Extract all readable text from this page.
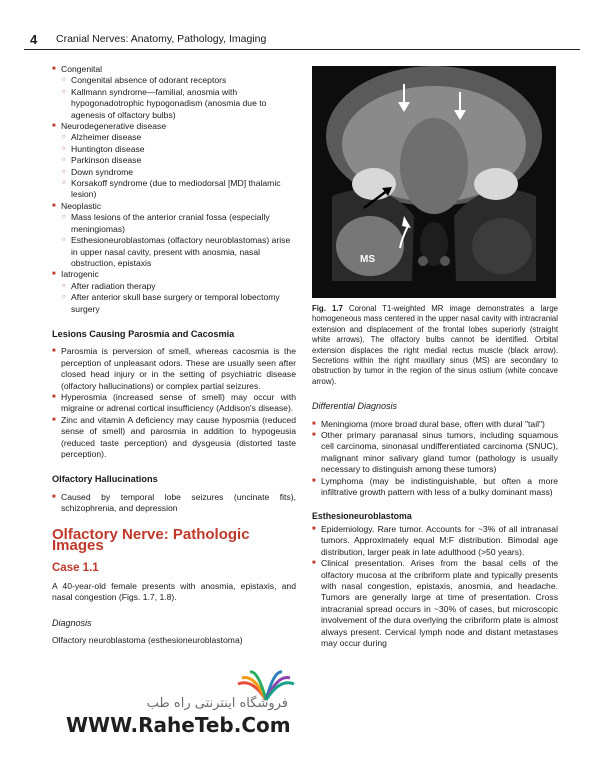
4 Cranial Nerves: Anatomy, Pathology, Imaging
■ Congenital
○ Congenital absence of odorant receptors
○ Kallmann syndrome—familial, anosmia with hypogonadotrophic hypogonadism (anosmia due to agenesis of olfactory bulbs)
■ Neurodegenerative disease
○ Alzheimer disease
○ Huntington disease
○ Parkinson disease
○ Down syndrome
○ Korsakoff syndrome (due to mediodorsal [MD] thalamic lesion)
■ Neoplastic
○ Mass lesions of the anterior cranial fossa (especially meningiomas)
○ Esthesioneuroblastomas (olfactory neuroblastomas) arise in upper nasal cavity, present with anosmia, nasal obstruction, epistaxis
■ Iatrogenic
○ After radiation therapy
○ After anterior skull base surgery or temporal lobectomy surgery
Lesions Causing Parosmia and Cacosmia
■ Parosmia is perversion of smell, whereas cacosmia is the perception of unpleasant odors. These are usually seen after closed head injury or in the setting of psychiatric disease (olfactory hallucinations) or complex partial seizures.
■ Hyperosmia (increased sense of smell) may occur with migraine or adrenal cortical insufficiency (Addison's disease).
■ Zinc and vitamin A deficiency may cause hyposmia (reduced sense of smell) and parosmia in addition to hypogeusia (reduced taste perception) and dysgeusia (distorted taste perception).
Olfactory Hallucinations
■ Caused by temporal lobe seizures (uncinate fits), schizophrenia, and depression
Olfactory Nerve: Pathologic Images
Case 1.1
A 40-year-old female presents with anosmia, epistaxis, and nasal congestion (Figs. 1.7, 1.8).
Diagnosis
Olfactory neuroblastoma (esthesioneuroblastoma)
MS
Fig. 1.7 Coronal T1-weighted MR image demonstrates a large homogeneous mass centered in the upper nasal cavity with intracranial extension and displacement of the frontal lobes superiorly (straight white arrows). The olfactory bulbs cannot be identified. Orbital extension displaces the right medial rectus muscle (black arrow). Secretions within the right maxillary sinus (MS) are secondary to obstruction by tumor in the region of the sinus ostium (white concave arrow).
Differential Diagnosis
■ Meningioma (more broad dural base, often with dural "tail")
■ Other primary paranasal sinus tumors, including squamous cell carcinoma, sinonasal undifferentiated carcinoma (SNUC), malignant minor salivary gland tumor (pathology is usually necessary to distinguish among these tumors)
■ Lymphoma (may be indistinguishable, but often a more infiltrative growth pattern with less of a bulky dominant mass)
Esthesioneuroblastoma
■ Epidemiology. Rare tumor. Accounts for ~3% of all intranasal tumors. Approximately equal M:F distribution. Bimodal age distribution, larger peak in late adulthood (>50 years).
■ Clinical presentation. Arises from the basal cells of the olfactory mucosa at the cribriform plate and typically presents with nasal congestion, epistaxis, anosmia, and headache. Tumors are generally large at time of presentation. Cross intracranial spread occurs in ~30% of cases, but microscopic involvement of the dura overlying the cribriform plate is almost always present. Cervical lymph node and distant metastases may occur during
فروشگاه اینترنتی راه طب
WWW.RaheTeb.Com
